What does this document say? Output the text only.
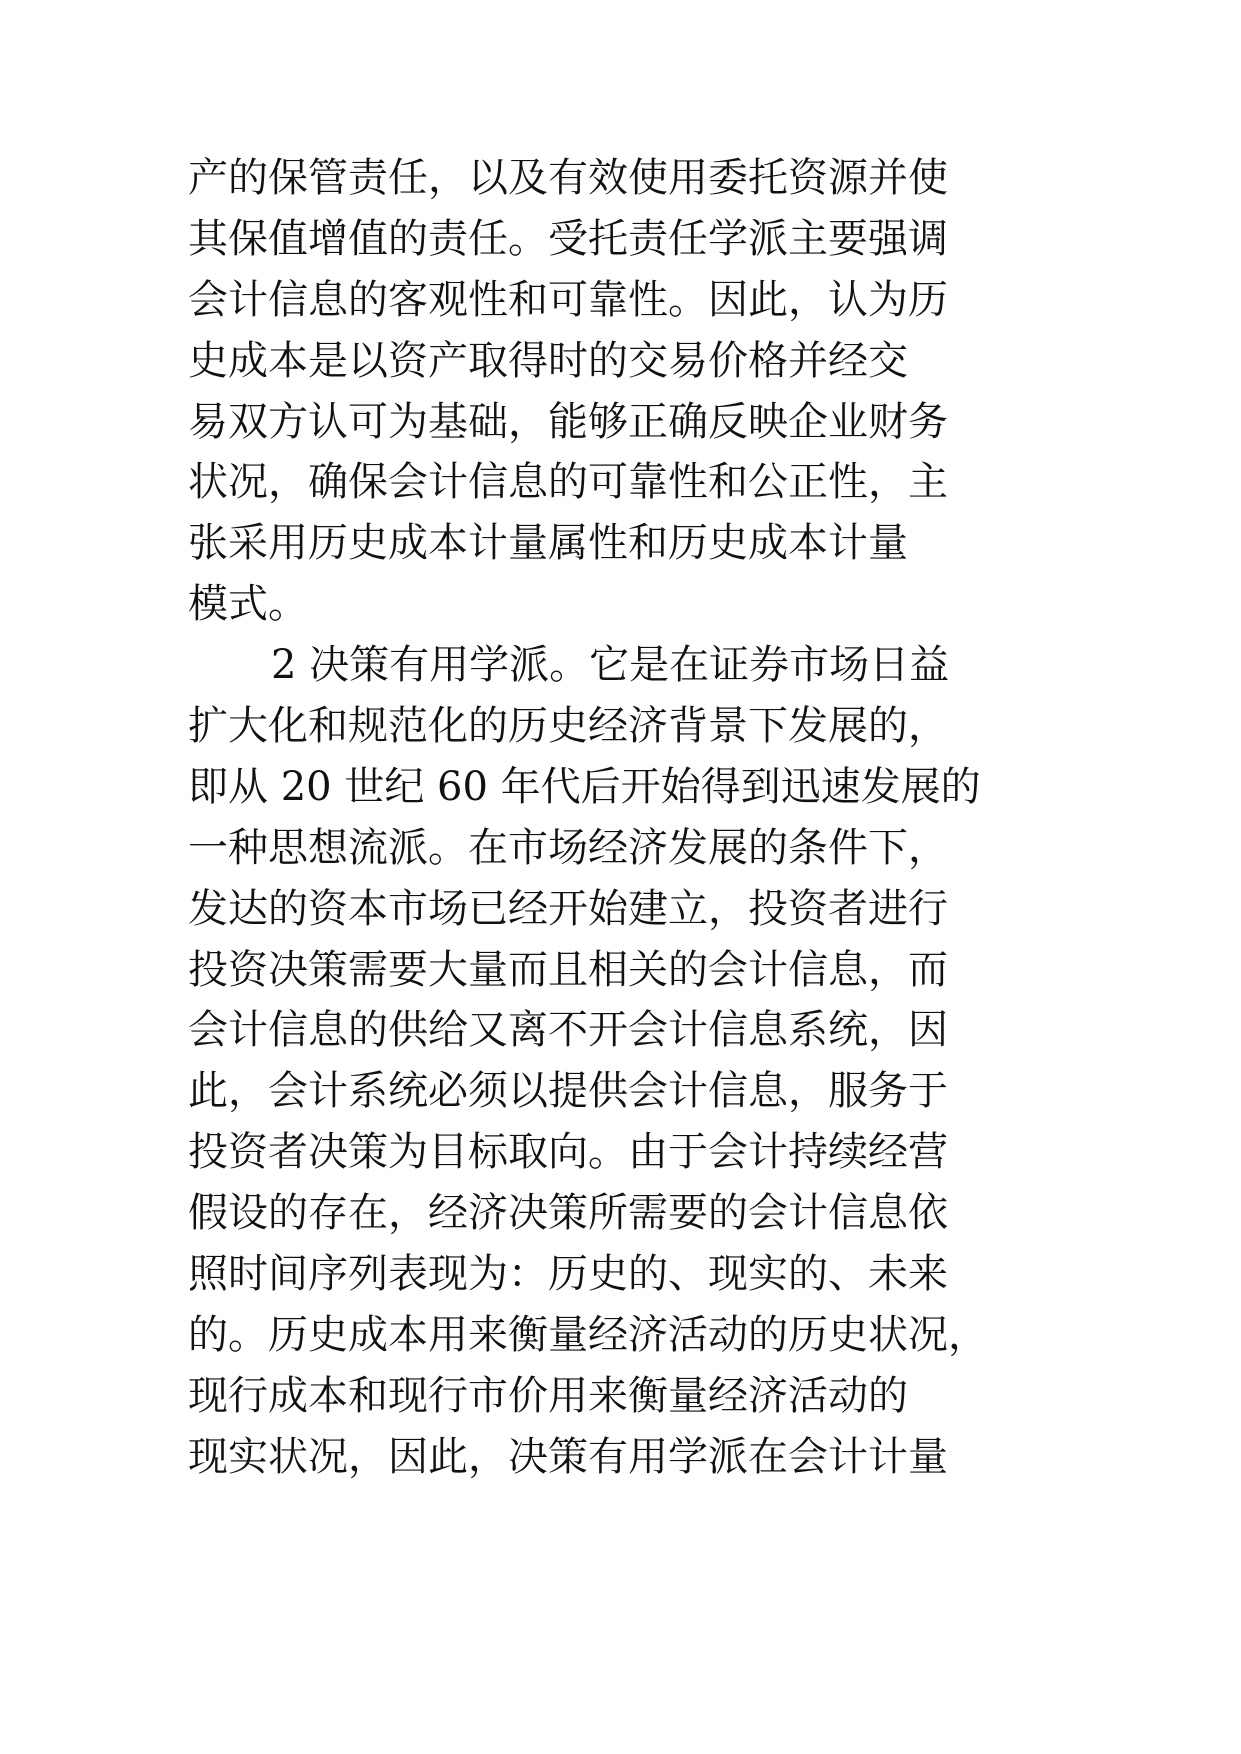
产的保管责任，以及有效使用委托资源并使
其保值增值的责任。受托责任学派主要强调
会计信息的客观性和可靠性。因此，认为历
史成本是以资产取得时的交易价格并经交
易双方认可为基础，能够正确反映企业财务
状况，确保会计信息的可靠性和公正性，主
张采用历史成本计量属性和历史成本计量
模式。
2 决策有用学派。它是在证券市场日益
扩大化和规范化的历史经济背景下发展的，
即从 20 世纪 60 年代后开始得到迅速发展的
一种思想流派。在市场经济发展的条件下，
发达的资本市场已经开始建立，投资者进行
投资决策需要大量而且相关的会计信息，而
会计信息的供给又离不开会计信息系统，因
此，会计系统必须以提供会计信息，服务于
投资者决策为目标取向。由于会计持续经营
假设的存在，经济决策所需要的会计信息依
照时间序列表现为：历史的、现实的、未来
的。历史成本用来衡量经济活动的历史状况，
现行成本和现行市价用来衡量经济活动的
现实状况，因此，决策有用学派在会计计量
